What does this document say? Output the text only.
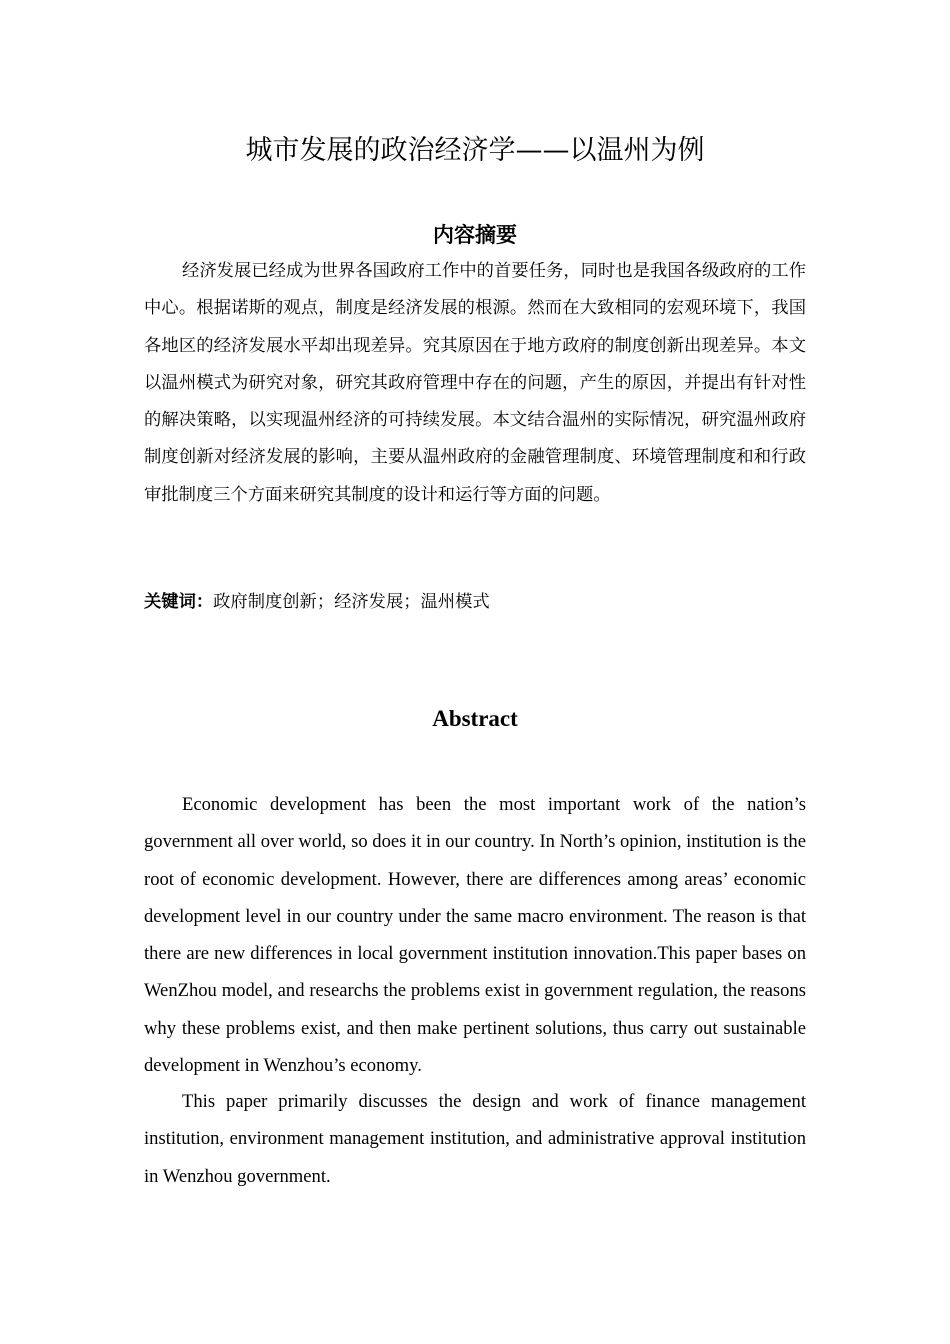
城市发展的政治经济学——以温州为例
内容摘要

经济发展已经成为世界各国政府工作中的首要任务，同时也是我国各级政府的工作中心。根据诺斯的观点，制度是经济发展的根源。然而在大致相同的宏观环境下，我国各地区的经济发展水平却出现差异。究其原因在于地方政府的制度创新出现差异。本文以温州模式为研究对象，研究其政府管理中存在的问题，产生的原因，并提出有针对性的解决策略，以实现温州经济的可持续发展。本文结合温州的实际情况，研究温州政府制度创新对经济发展的影响，主要从温州政府的金融管理制度、环境管理制度和和行政审批制度三个方面来研究其制度的设计和运行等方面的问题。

关键词：政府制度创新；经济发展；温州模式
Abstract

Economic development has been the most important work of the nation’s government all over world, so does it in our country. In North’s opinion, institution is the root of economic development. However, there are differences among areas’ economic development level in our country under the same macro environment. The reason is that there are new differences in local government institution innovation.This paper bases on WenZhou model, and researchs the problems exist in government regulation, the reasons why these problems exist, and then make pertinent solutions, thus carry out sustainable development in Wenzhou’s economy.

This paper primarily discusses the design and work of finance management institution, environment management institution, and administrative approval institution in Wenzhou government.
